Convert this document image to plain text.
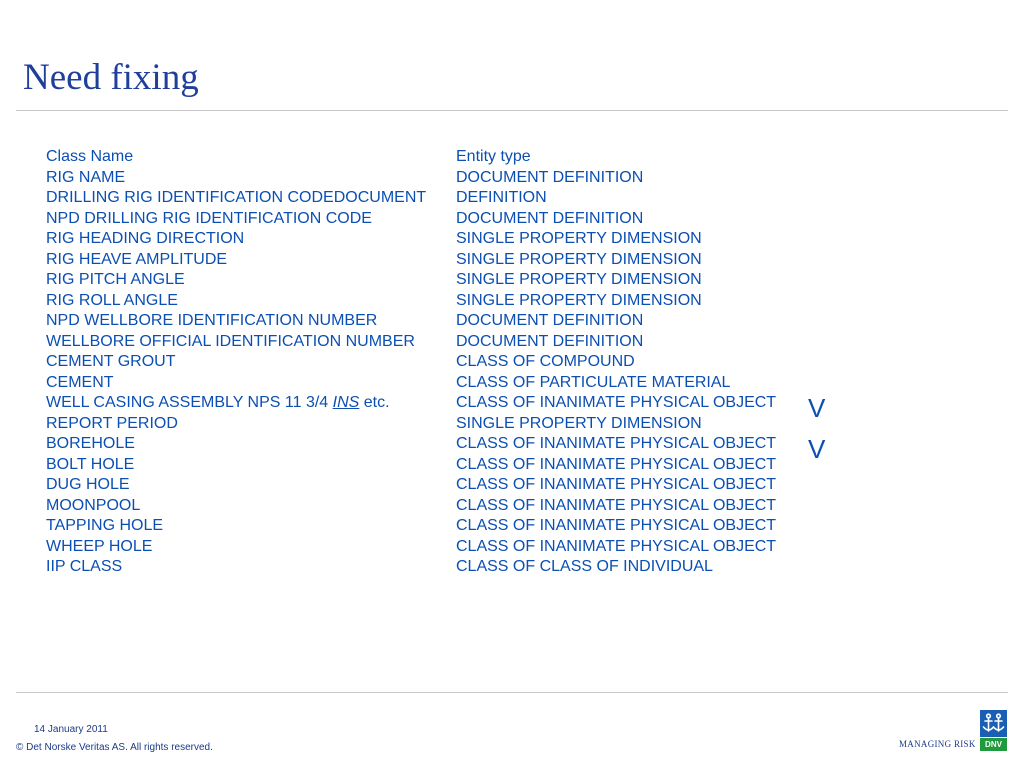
Need fixing
Class Name	Entity type	
RIG NAME	DOCUMENT DEFINITION	
DRILLING RIG IDENTIFICATION CODEDOCUMENT	DEFINITION	
NPD DRILLING RIG IDENTIFICATION CODE	DOCUMENT DEFINITION	
RIG HEADING DIRECTION	SINGLE PROPERTY DIMENSION	
RIG HEAVE AMPLITUDE	SINGLE PROPERTY DIMENSION	
RIG PITCH ANGLE	SINGLE PROPERTY DIMENSION	
RIG ROLL ANGLE	SINGLE PROPERTY DIMENSION	
NPD WELLBORE IDENTIFICATION NUMBER	DOCUMENT DEFINITION	
WELLBORE OFFICIAL IDENTIFICATION NUMBER	DOCUMENT DEFINITION	
CEMENT GROUT	CLASS OF COMPOUND	
CEMENT	CLASS OF PARTICULATE MATERIAL	
WELL CASING ASSEMBLY NPS 11 3/4 INS etc.	CLASS OF INANIMATE PHYSICAL OBJECT	V
REPORT PERIOD	SINGLE PROPERTY DIMENSION	
BOREHOLE	CLASS OF INANIMATE PHYSICAL OBJECT	V
BOLT HOLE	CLASS OF INANIMATE PHYSICAL OBJECT	
DUG HOLE	CLASS OF INANIMATE PHYSICAL OBJECT	
MOONPOOL	CLASS OF INANIMATE PHYSICAL OBJECT	
TAPPING HOLE	CLASS OF INANIMATE PHYSICAL OBJECT	
WHEEP HOLE	CLASS OF INANIMATE PHYSICAL OBJECT	
IIP CLASS	CLASS OF CLASS OF INDIVIDUAL	
14 January 2011
© Det Norske Veritas AS. All rights reserved.	MANAGING RISK	DNV
